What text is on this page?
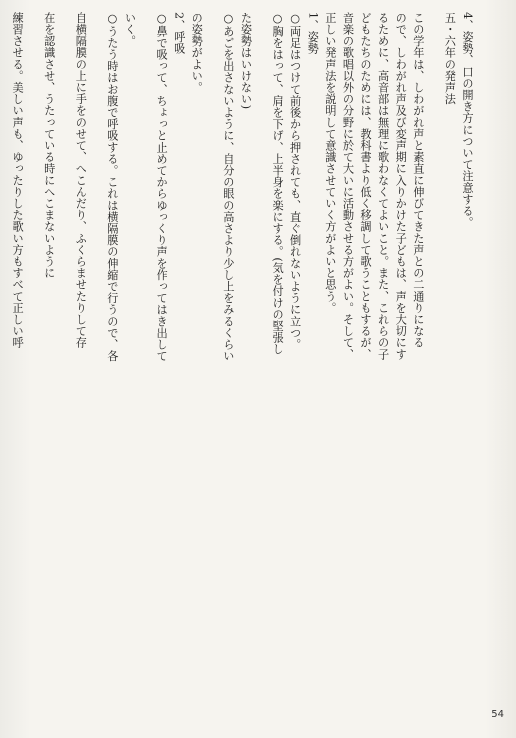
4、姿勢、口の開き方について注意する。
五・六年の発声法
この学年は、しわがれ声と素直に伸びてきた声との二通りになる
ので、しわがれ声及び変声期に入りかけた子どもは、声を大切にす
るために、高音部は無理に歌わなくてよいこと。また、これらの子
どもたちのためには、教科書より低く移調して歌うこともするが、
音楽の歌唱以外の分野に於て大いに活動させる方がよい。そして、
正しい発声法を説明して意識させていく方がよいと思う。
1、姿勢
○両足はつけて前後から押されても、直ぐ倒れないように立つ。
○胸をはって、肩を下げ、上半身を楽にする。(気を付けの堅張し
た姿勢はいけない)
○あごを出さないように、自分の眼の高さより少し上をみるくらい
の姿勢がよい。
2、呼吸
○鼻で吸って、ちょっと止めてからゆっくり声を作ってはき出して
いく。
○うたう時はお腹で呼吸する。これは横隔膜の伸縮で行うので、各
自横隔膜の上に手をのせて、へこんだり、ふくらませたりして存
在を認識させ、うたっている時にへこまないように
練習させる。美しい声も、ゆったりした歌い方もすべて正しい呼
54
